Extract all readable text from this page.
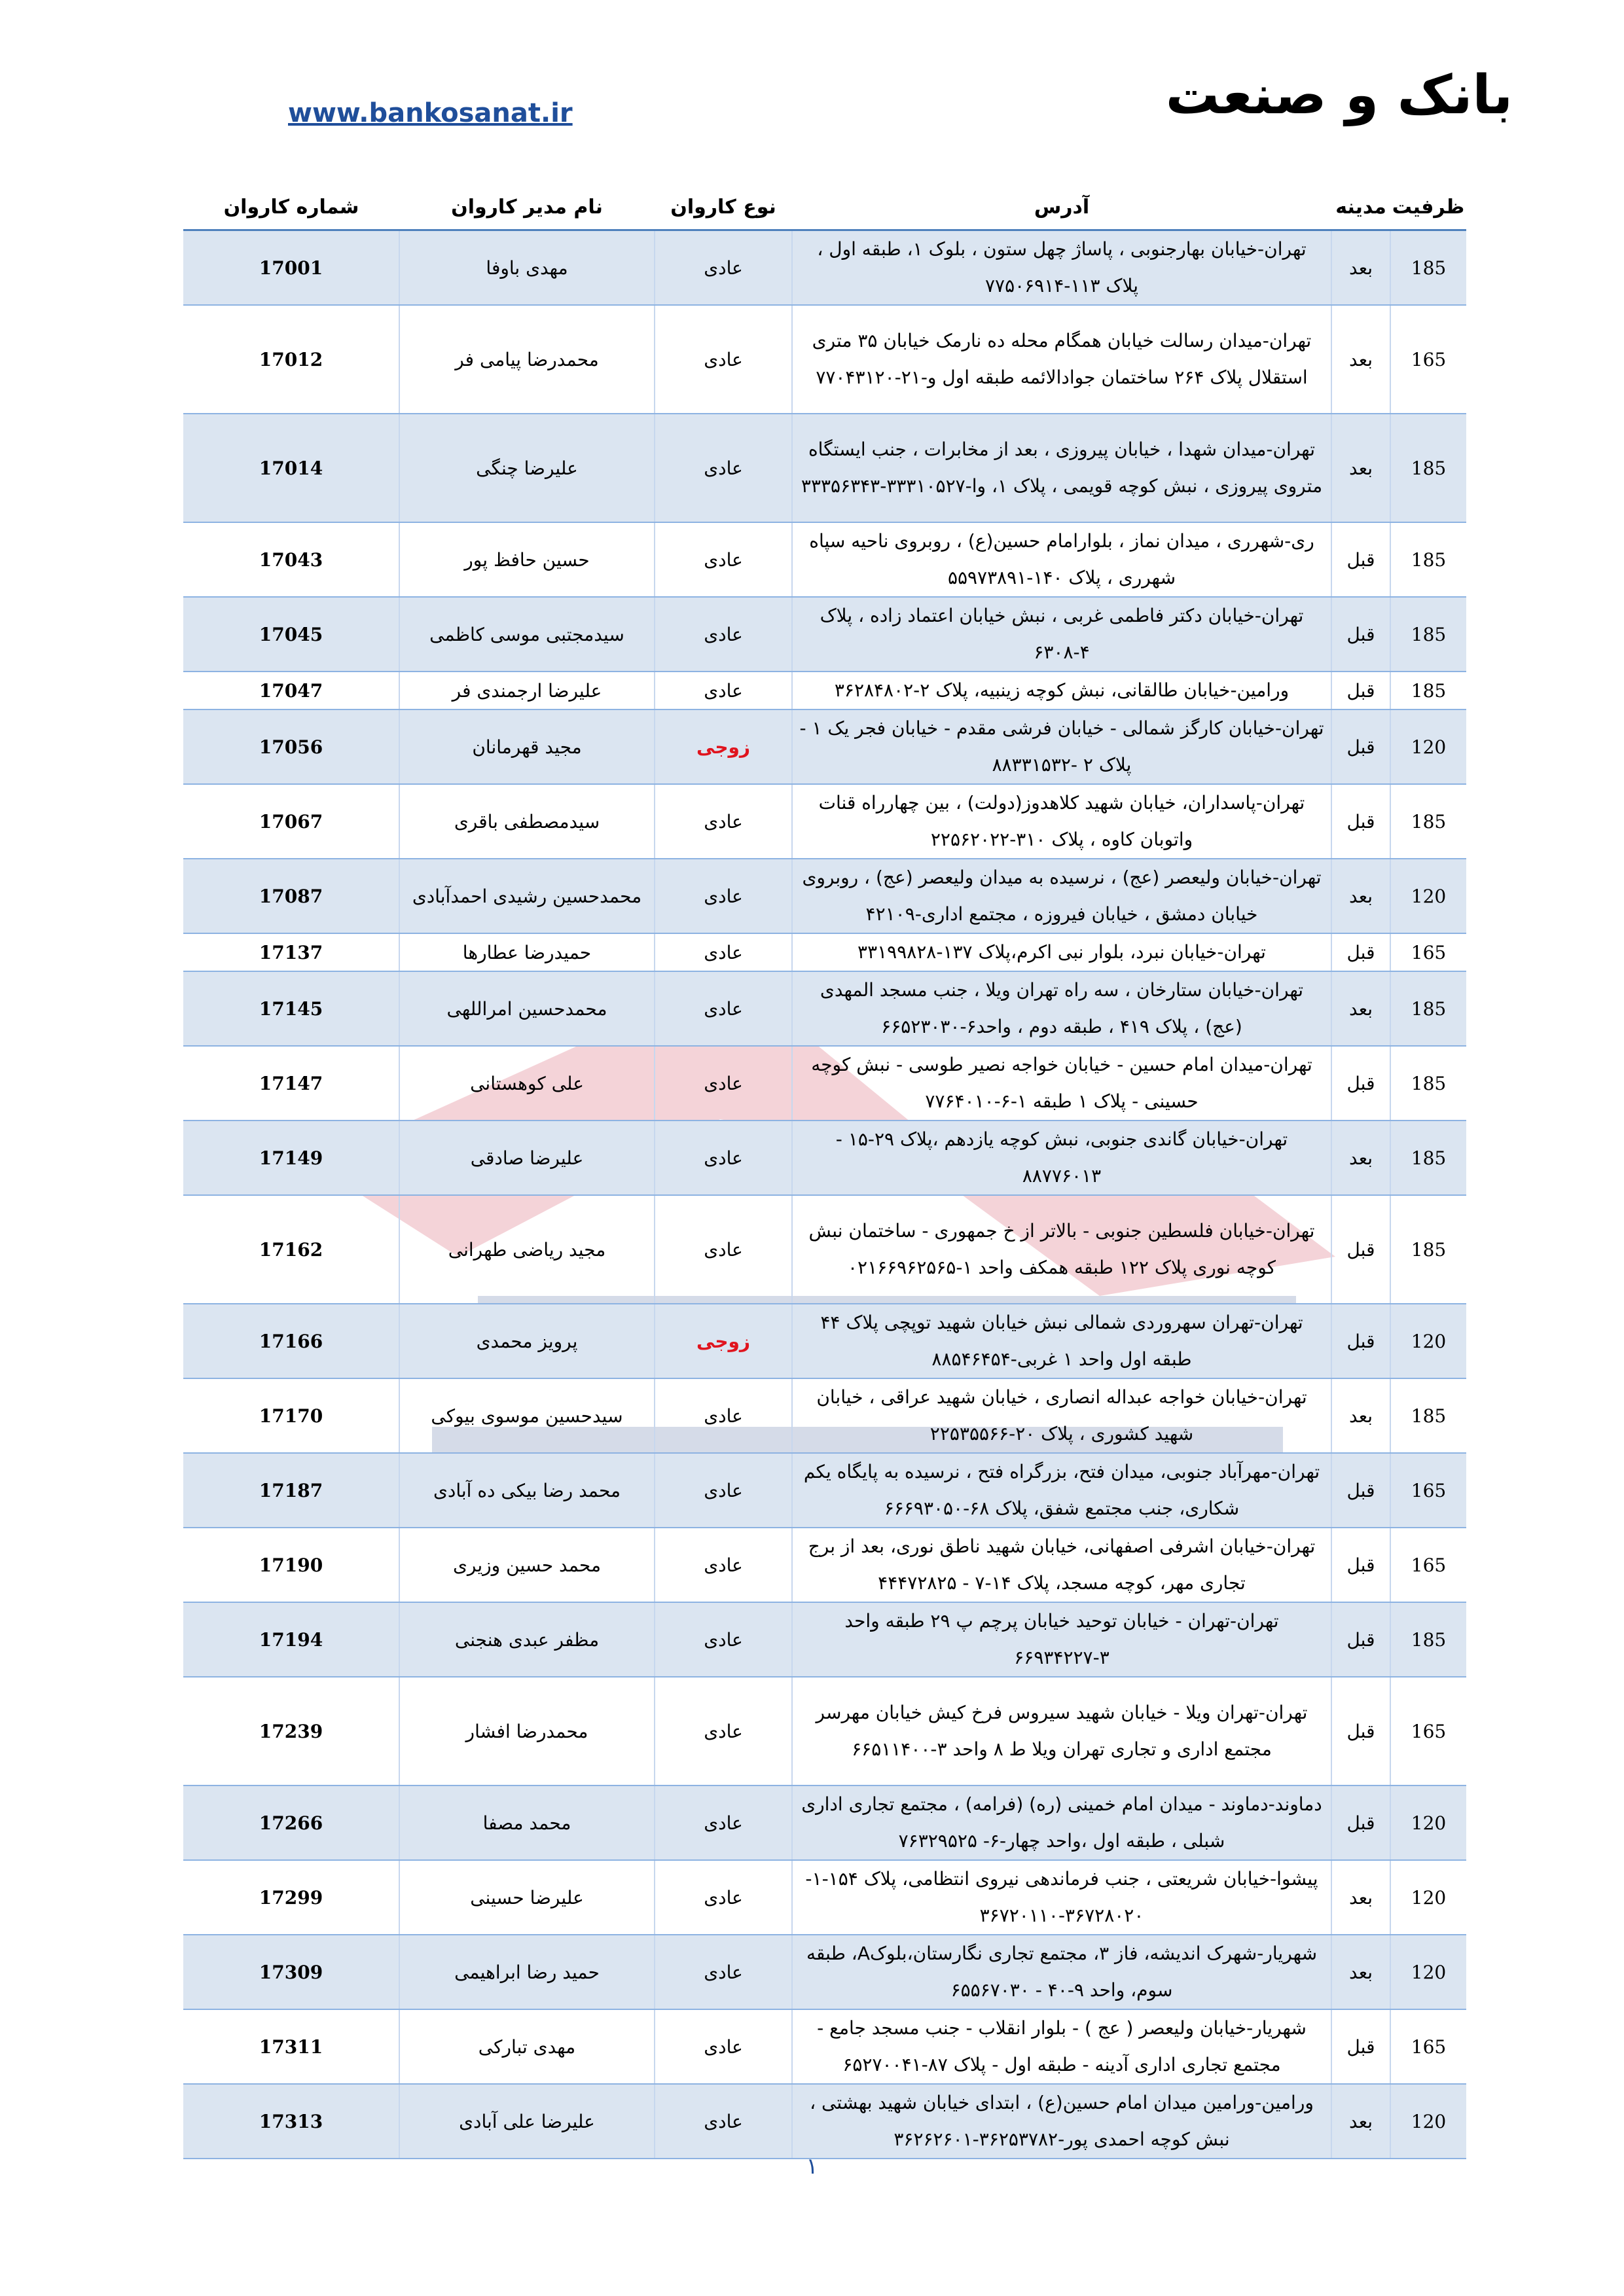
بانک و صنعت
www.bankosanat.ir
ظرفیت	مدینه	آدرس	نوع کاروان	نام مدیر کاروان	شماره کاروان
185	بعد	تهران-خیابان بهارجنوبی ، پاساژ چهل ستون ، بلوک ۱، طبقه اول ، پلاک ۱۱۳-۷۷۵۰۶۹۱۴	عادی	مهدی باوفا	17001
165	بعد	تهران-میدان رسالت خیابان همگام محله ده نارمک خیابان ۳۵ متری استقلال پلاک ۲۶۴ ساختمان جوادالائمه طبقه اول و-۲۱-۷۷۰۴۳۱۲۰	عادی	محمدرضا پیامی فر	17012
185	بعد	تهران-میدان شهدا ، خیابان پیروزی ، بعد از مخابرات ، جنب ایستگاه متروی پیروزی ، نبش کوچه قویمی ، پلاک ۱، وا-۳۳۳۱۰۵۲۷-۳۳۳۵۶۳۴۳	عادی	علیرضا چنگی	17014
185	قبل	ری-شهرری ، میدان نماز ، بلوارامام حسین(ع) ، روبروی ناحیه سپاه شهرری ، پلاک ۱۴۰-۵۵۹۷۳۸۹۱	عادی	حسین حافظ پور	17043
185	قبل	تهران-خیابان دکتر فاطمی غربی ، نبش خیابان اعتماد زاده ، پلاک ۴-۶۳۰۸	عادی	سیدمجتبی موسی کاظمی	17045
185	قبل	ورامین-خیابان طالقانی، نبش کوچه زینبیه، پلاک ۲-۳۶۲۸۴۸۰۲	عادی	علیرضا ارجمندی فر	17047
120	قبل	تهران-خیابان کارگز شمالی - خیابان فرشی مقدم - خیابان فجر یک ۱ - پلاک ۲ -۸۸۳۳۱۵۳۲	زوجی	مجید قهرمانان	17056
185	قبل	تهران-پاسداران، خیابان شهید کلاهدوز(دولت) ، بین چهارراه قنات واتوبان کاوه ، پلاک ۳۱۰-۲۲۵۶۲۰۲۲	عادی	سیدمصطفی باقری	17067
120	بعد	تهران-خیابان ولیعصر (عج) ، نرسیده به میدان ولیعصر (عج) ، روبروی خیابان دمشق ، خیابان فیروزه ، مجتمع اداری-۴۲۱۰۹	عادی	محمدحسین رشیدی احمدآبادی	17087
165	قبل	تهران-خیابان نبرد، بلوار نبی اکرم،پلاک ۱۳۷-۳۳۱۹۹۸۲۸	عادی	حمیدرضا عطارها	17137
185	بعد	تهران-خیابان ستارخان ، سه راه تهران ویلا ، جنب مسجد المهدی (عج) ، پلاک ۴۱۹ ، طبقه دوم ، واحد۶-۶۶۵۲۳۰۳۰	عادی	محمدحسین امراللهی	17145
185	قبل	تهران-میدان امام حسین - خیابان خواجه نصیر طوسی - نبش کوچه حسینی - پلاک ۱ طبقه ۱-۶-۷۷۶۴۰۱۰	عادی	علی کوهستانی	17147
185	بعد	تهران-خیابان گاندی جنوبی، نبش کوچه یازدهم ،پلاک ۲۹-۱۵ - ۸۸۷۷۶۰۱۳	عادی	علیرضا صادقی	17149
185	قبل	تهران-خیابان فلسطین جنوبی - بالاتر از خ جمهوری - ساختمان نبش کوچه نوری پلاک ۱۲۲ طبقه همکف واحد ۱-۰۲۱۶۶۹۶۲۵۶۵	عادی	مجید ریاضی طهرانی	17162
120	قبل	تهران-تهران سهروردی شمالی نبش خیابان شهید توپچی پلاک ۴۴ طبقه اول واحد ۱ غربی-۸۸۵۴۶۴۵۴	زوجی	پرویز محمدی	17166
185	بعد	تهران-خیابان خواجه عبداله انصاری ، خیابان شهید عراقی ، خیابان شهید کشوری ، پلاک ۲۰-۲۲۵۳۵۵۶۶	عادی	سیدحسین موسوی بیوکی	17170
165	قبل	تهران-مهرآباد جنوبی، میدان فتح، بزرگراه فتح ، نرسیده به پایگاه یکم شکاری، جنب مجتمع شفق، پلاک ۶۸-۶۶۶۹۳۰۵۰	عادی	محمد رضا بیکی ده آبادی	17187
165	قبل	تهران-خیابان اشرفی اصفهانی، خیابان شهید ناطق نوری، بعد از برج تجاری مهر، کوچه مسجد، پلاک ۱۴-۷ - ۴۴۴۷۲۸۲۵	عادی	محمد حسین وزیری	17190
185	قبل	تهران-تهران - خیابان توحید خیابان پرچم پ ۲۹ طبقه واحد ۳-۶۶۹۳۴۲۲۷	عادی	مظفر عبدی هنجنی	17194
165	قبل	تهران-تهران ویلا - خیابان شهید سیروس فرخ کیش خیابان مهرسر مجتمع اداری و تجاری تهران ویلا ط ۸ واحد ۳-۶۶۵۱۱۴۰۰	عادی	محمدرضا افشار	17239
120	قبل	دماوند-دماوند - میدان امام خمینی (ره) (فرامه) ، مجتمع تجاری اداری شبلی ، طبقه اول ،واحد چهار-۶- ۷۶۳۲۹۵۲۵	عادی	محمد مصفا	17266
120	بعد	پیشوا-خیابان شریعتی ، جنب فرماندهی نیروی انتظامی، پلاک ۱۵۴-۱- ۳۶۷۲۸۰۲۰-۳۶۷۲۰۱۱۰	عادی	علیرضا حسینی	17299
120	بعد	شهریار-شهرک اندیشه، فاز ۳، مجتمع تجاری نگارستان،بلوکA، طبقه سوم، واحد ۹-۴۰ - ۶۵۵۶۷۰۳۰	عادی	حمید رضا ابراهیمی	17309
165	قبل	شهریار-خیابان ولیعصر ( عج ) - بلوار انقلاب - جنب مسجد جامع - مجتمع تجاری اداری آدینه - طبقه اول - پلاک ۸۷-۶۵۲۷۰۰۴۱	عادی	مهدی تبارکی	17311
120	بعد	ورامین-ورامین میدان امام حسین(ع) ، ابتدای خیابان شهید بهشتی ، نبش کوچه احمدی پور-۳۶۲۵۳۷۸۲-۳۶۲۶۲۶۰۱	عادی	علیرضا علی آبادی	17313
۱
